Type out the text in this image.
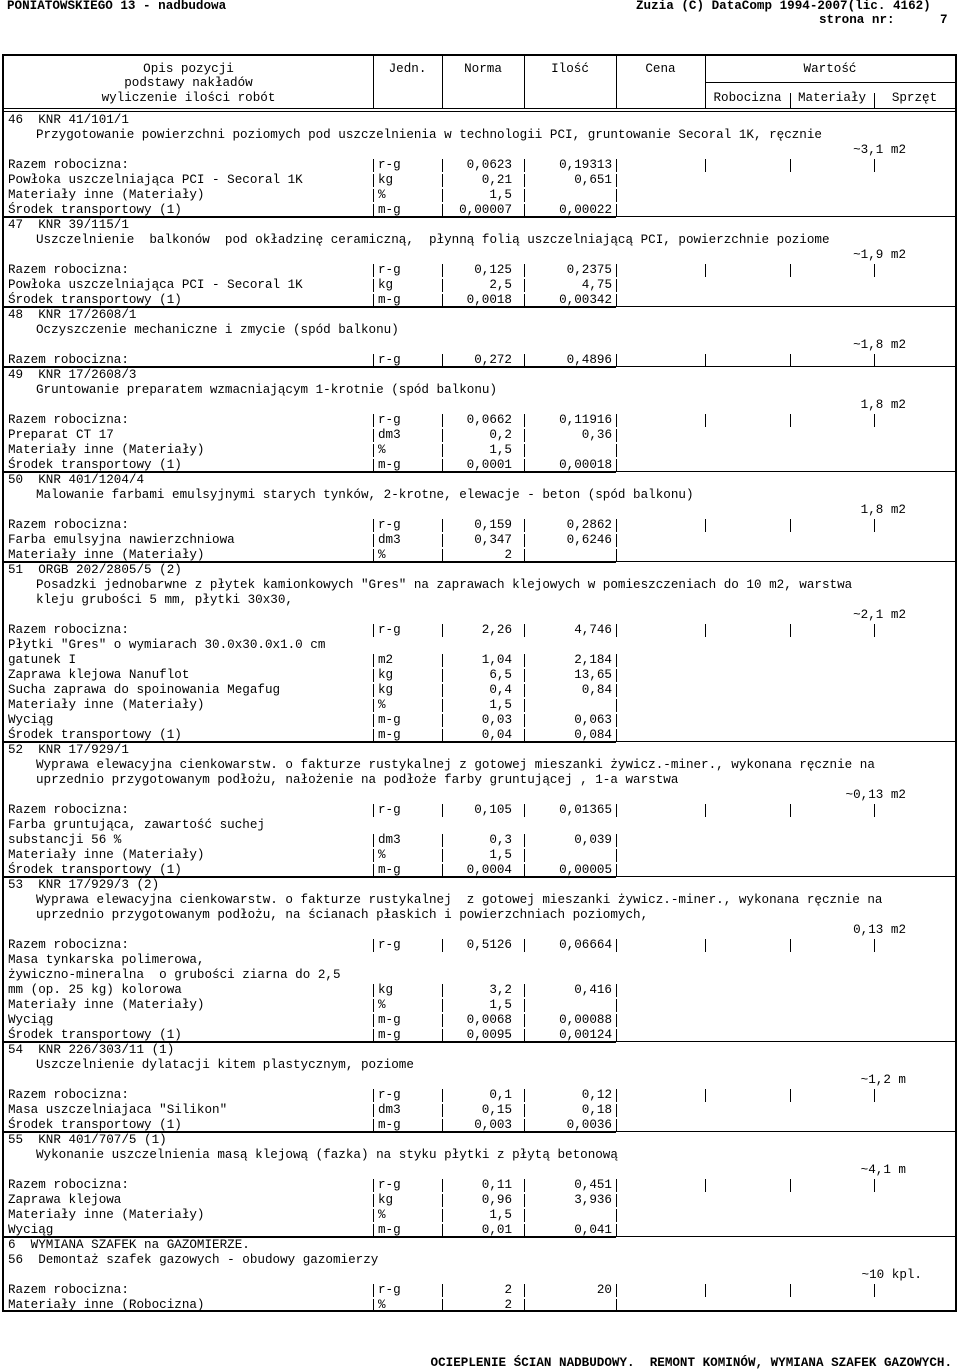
PONIATOWSKIEGO 13 - nadbudowa	Zuzia (C) DataComp 1994-2007(lic. 4162)
strona nr:	7
Opis pozycji
podstawy nakładów
wyliczenie ilości robót
Jedn.	Norma	Ilość	Cena	Wartość
Robocizna	Materiały	Sprzęt
46  KNR 41/101/1
Przygotowanie powierzchni poziomych pod uszczelnienia w technologii PCI, gruntowanie Secoral 1K, ręcznie
~3,1 m2
Razem robocizna:	r-g	0,0623	0,19313
Powłoka uszczelniająca PCI - Secoral 1K	kg	0,21	0,651
Materiały inne (Materiały)	%	1,5
Środek transportowy (1)	m-g	0,00007	0,00022
47  KNR 39/115/1
Uszczelnienie  balkonów  pod okładzinę ceramiczną,  płynną folią uszczelniającą PCI, powierzchnie poziome
~1,9 m2
Razem robocizna:	r-g	0,125	0,2375
Powłoka uszczelniająca PCI - Secoral 1K	kg	2,5	4,75
Środek transportowy (1)	m-g	0,0018	0,00342
48  KNR 17/2608/1
Oczyszczenie mechaniczne i zmycie (spód balkonu)
~1,8 m2
Razem robocizna:	r-g	0,272	0,4896
49  KNR 17/2608/3
Gruntowanie preparatem wzmacniającym 1-krotnie (spód balkonu)
1,8 m2
Razem robocizna:	r-g	0,0662	0,11916
Preparat CT 17	dm3	0,2	0,36
Materiały inne (Materiały)	%	1,5
Środek transportowy (1)	m-g	0,0001	0,00018
50  KNR 401/1204/4
Malowanie farbami emulsyjnymi starych tynków, 2-krotne, elewacje - beton (spód balkonu)
1,8 m2
Razem robocizna:	r-g	0,159	0,2862
Farba emulsyjna nawierzchniowa	dm3	0,347	0,6246
Materiały inne (Materiały)	%	2
51  ORGB 202/2805/5 (2)
Posadzki jednobarwne z płytek kamionkowych "Gres" na zaprawach klejowych w pomieszczeniach do 10 m2, warstwa
kleju grubości 5 mm, płytki 30x30,
~2,1 m2
Razem robocizna:	r-g	2,26	4,746
Płytki "Gres" o wymiarach 30.0x30.0x1.0 cm
gatunek I	m2	1,04	2,184
Zaprawa klejowa Nanuflot	kg	6,5	13,65
Sucha zaprawa do spoinowania Megafug	kg	0,4	0,84
Materiały inne (Materiały)	%	1,5
Wyciąg	m-g	0,03	0,063
Środek transportowy (1)	m-g	0,04	0,084
52  KNR 17/929/1
Wyprawa elewacyjna cienkowarstw. o fakturze rustykalnej z gotowej mieszanki żywicz.-miner., wykonana ręcznie na
uprzednio przygotowanym podłożu, nałożenie na podłoże farby gruntującej , 1-a warstwa
~0,13 m2
Razem robocizna:	r-g	0,105	0,01365
Farba gruntująca, zawartość suchej
substancji 56 %	dm3	0,3	0,039
Materiały inne (Materiały)	%	1,5
Środek transportowy (1)	m-g	0,0004	0,00005
53  KNR 17/929/3 (2)
Wyprawa elewacyjna cienkowarstw. o fakturze rustykalnej  z gotowej mieszanki żywicz.-miner., wykonana ręcznie na
uprzednio przygotowanym podłożu, na ścianach płaskich i powierzchniach poziomych,
0,13 m2
Razem robocizna:	r-g	0,5126	0,06664
Masa tynkarska polimerowa,
żywiczno-mineralna  o grubości ziarna do 2,5
mm (op. 25 kg) kolorowa	kg	3,2	0,416
Materiały inne (Materiały)	%	1,5
Wyciąg	m-g	0,0068	0,00088
Środek transportowy (1)	m-g	0,0095	0,00124
54  KNR 226/303/11 (1)
Uszczelnienie dylatacji kitem plastycznym, poziome
~1,2 m
Razem robocizna:	r-g	0,1	0,12
Masa uszczelniajaca "Silikon"	dm3	0,15	0,18
Środek transportowy (1)	m-g	0,003	0,0036
55  KNR 401/707/5 (1)
Wykonanie uszczelnienia masą klejową (fazka) na styku płytki z płytą betonową
~4,1 m
Razem robocizna:	r-g	0,11	0,451
Zaprawa klejowa	kg	0,96	3,936
Materiały inne (Materiały)	%	1,5
Wyciąg	m-g	0,01	0,041
6  WYMIANA SZAFEK na GAZOMIERZE.
56  Demontaż szafek gazowych - obudowy gazomierzy
~10 kpl.
Razem robocizna:	r-g	2	20
Materiały inne (Robocizna)	%	2
OCIEPLENIE ŚCIAN NADBUDOWY.  REMONT KOMINÓW, WYMIANA SZAFEK GAZOWYCH.
